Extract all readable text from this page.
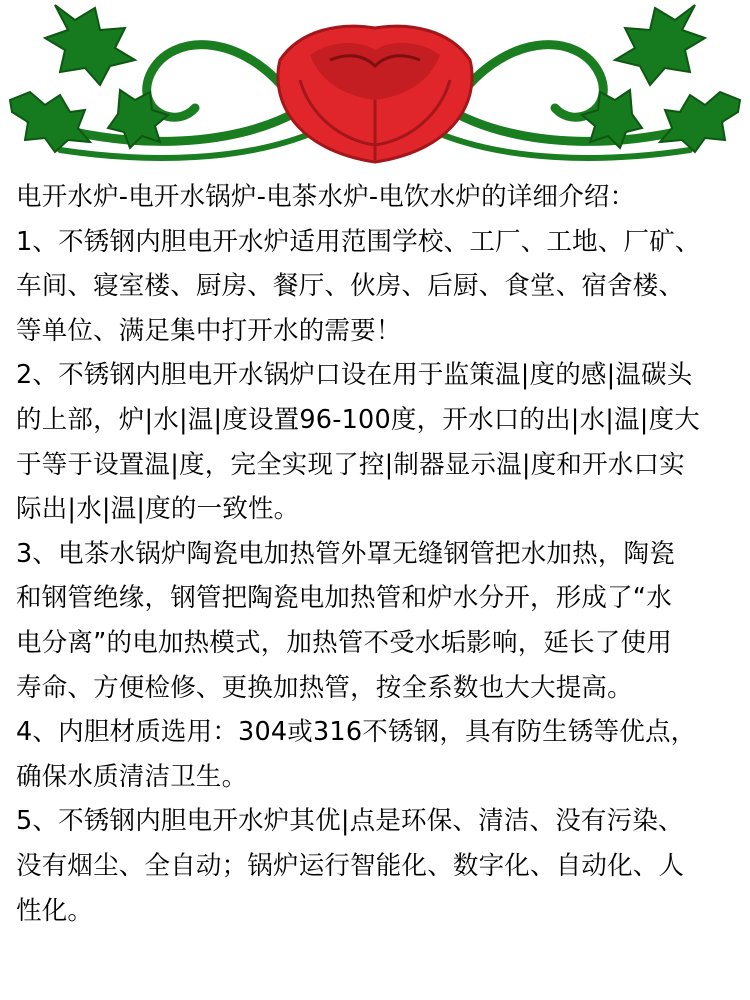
电开水炉-电开水锅炉-电茶水炉-电饮水炉的详细介绍：
1、不锈钢内胆电开水炉适用范围学校、工厂、工地、厂矿、
车间、寝室楼、厨房、餐厅、伙房、后厨、食堂、宿舍楼、
等单位、满足集中打开水的需要！
2、不锈钢内胆电开水锅炉口设在用于监策温|度的感|温碳头
的上部，炉|水|温|度设置96-100度，开水口的出|水|温|度大
于等于设置温|度，完全实现了控|制器显示温|度和开水口实
际出|水|温|度的一致性。
3、电茶水锅炉陶瓷电加热管外罩无缝钢管把水加热，陶瓷
和钢管绝缘，钢管把陶瓷电加热管和炉水分开，形成了“水
电分离”的电加热模式，加热管不受水垢影响，延长了使用
寿命、方便检修、更换加热管，按全系数也大大提高。
4、内胆材质选用：304或316不锈钢，具有防生锈等优点，
确保水质清洁卫生。
5、不锈钢内胆电开水炉其优|点是环保、清洁、没有污染、
没有烟尘、全自动；锅炉运行智能化、数字化、自动化、人
性化。
